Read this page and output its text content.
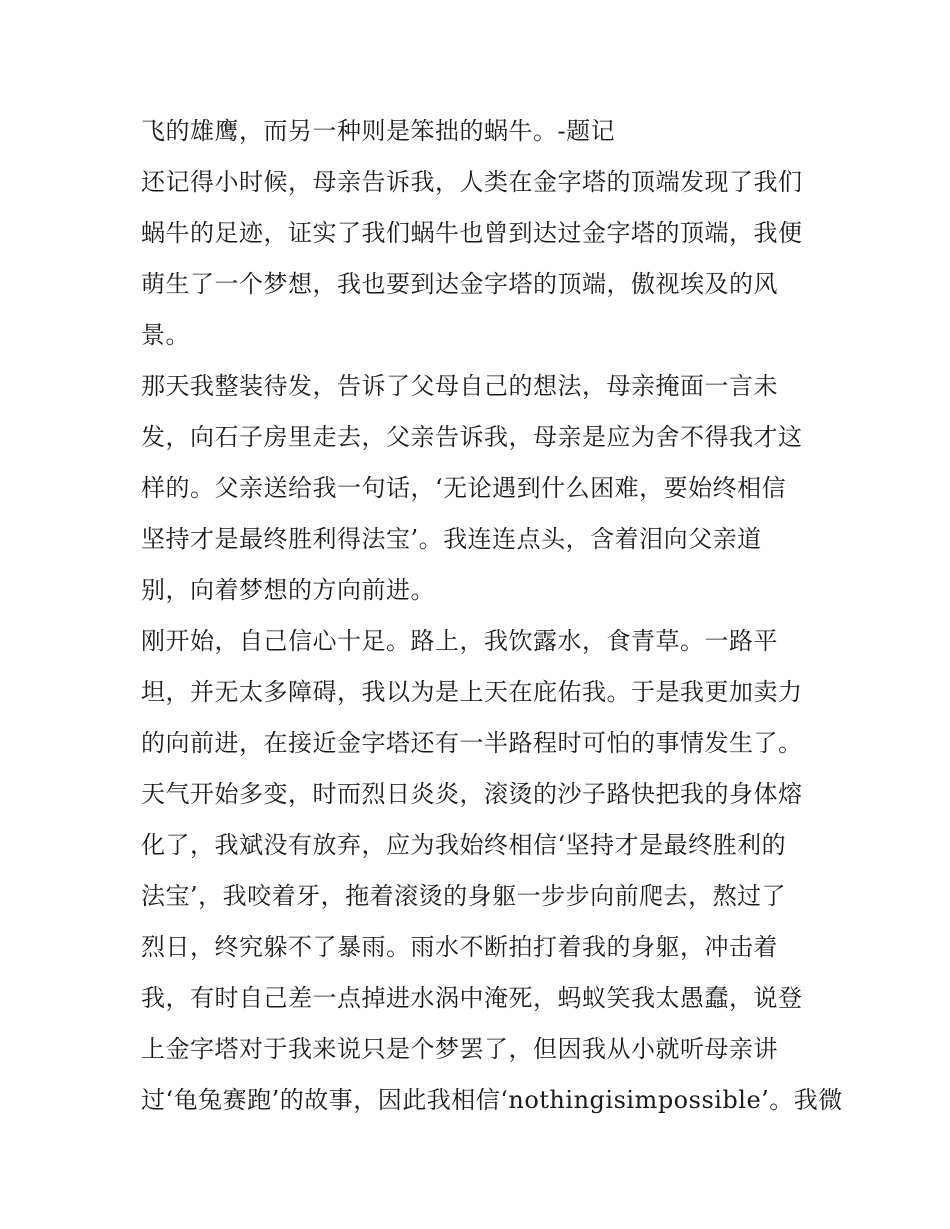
飞的雄鹰，而另一种则是笨拙的蜗牛。-题记
还记得小时候，母亲告诉我，人类在金字塔的顶端发现了我们
蜗牛的足迹，证实了我们蜗牛也曾到达过金字塔的顶端，我便
萌生了一个梦想，我也要到达金字塔的顶端，傲视埃及的风
景。
那天我整装待发，告诉了父母自己的想法，母亲掩面一言未
发，向石子房里走去，父亲告诉我，母亲是应为舍不得我才这
样的。父亲送给我一句话，‘无论遇到什么困难，要始终相信
坚持才是最终胜利得法宝’。我连连点头，含着泪向父亲道
别，向着梦想的方向前进。
刚开始，自己信心十足。路上，我饮露水，食青草。一路平
坦，并无太多障碍，我以为是上天在庇佑我。于是我更加卖力
的向前进，在接近金字塔还有一半路程时可怕的事情发生了。
天气开始多变，时而烈日炎炎，滚烫的沙子路快把我的身体熔
化了，我斌没有放弃，应为我始终相信‘坚持才是最终胜利的
法宝’，我咬着牙，拖着滚烫的身躯一步步向前爬去，熬过了
烈日，终究躲不了暴雨。雨水不断拍打着我的身躯，冲击着
我，有时自己差一点掉进水涡中淹死，蚂蚁笑我太愚蠢，说登
上金字塔对于我来说只是个梦罢了，但因我从小就听母亲讲
过‘龟兔赛跑’的故事，因此我相信‘nothingisimpossible’。我微
